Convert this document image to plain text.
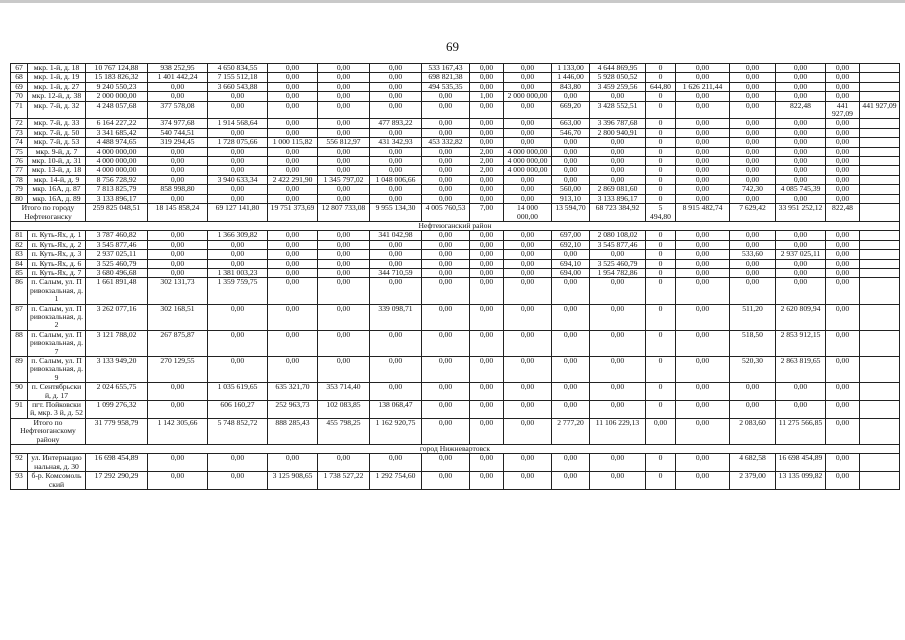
69
67	мкр. 1-й, д. 18	10 767 124,88	938 252,95	4 650 834,55	0,00	0,00	0,00	533 167,43	0,00	0,00	1 133,00	4 644 869,95	0	0,00	0,00	0,00	0,00	
68	мкр. 1-й, д. 19	15 183 826,32	1 401 442,24	7 155 512,18	0,00	0,00	0,00	698 821,38	0,00	0,00	1 446,00	5 928 050,52	0	0,00	0,00	0,00	0,00	
69	мкр. 1-й, д. 27	9 240 550,23	0,00	3 660 543,88	0,00	0,00	0,00	494 535,35	0,00	0,00	843,80	3 459 259,56	644,80	1 626 211,44	0,00	0,00	0,00	
70	мкр. 12-й, д. 38	2 000 000,00	0,00	0,00	0,00	0,00	0,00	0,00	1,00	2 000 000,00	0,00	0,00	0	0,00	0,00	0,00	0,00	
71	мкр. 7-й, д. 32	4 248 057,68	377 578,08	0,00	0,00	0,00	0,00	0,00	0,00	0,00	669,20	3 428 552,51	0	0,00	0,00	822,48	441 927,09	441 927,09
72	мкр. 7-й, д. 33	6 164 227,22	374 977,68	1 914 568,64	0,00	0,00	477 893,22	0,00	0,00	0,00	663,00	3 396 787,68	0	0,00	0,00	0,00	0,00	
73	мкр. 7-й, д. 50	3 341 685,42	540 744,51	0,00	0,00	0,00	0,00	0,00	0,00	0,00	546,70	2 800 940,91	0	0,00	0,00	0,00	0,00	
74	мкр. 7-й, д. 53	4 488 974,65	319 294,45	1 728 075,66	1 000 115,82	556 812,97	431 342,93	453 332,82	0,00	0,00	0,00	0,00	0	0,00	0,00	0,00	0,00	
75	мкр. 9-й, д. 7	4 000 000,00	0,00	0,00	0,00	0,00	0,00	0,00	2,00	4 000 000,00	0,00	0,00	0	0,00	0,00	0,00	0,00	
76	мкр. 10-й, д. 31	4 000 000,00	0,00	0,00	0,00	0,00	0,00	0,00	2,00	4 000 000,00	0,00	0,00	0	0,00	0,00	0,00	0,00	
77	мкр. 13-й, д. 18	4 000 000,00	0,00	0,00	0,00	0,00	0,00	0,00	2,00	4 000 000,00	0,00	0,00	0	0,00	0,00	0,00	0,00	
78	мкр. 14-й, д. 9	8 756 728,92	0,00	3 940 633,34	2 422 291,90	1 345 797,02	1 048 006,66	0,00	0,00	0,00	0,00	0,00	0	0,00	0,00	0,00	0,00	
79	мкр. 16А, д. 87	7 813 825,79	858 998,80	0,00	0,00	0,00	0,00	0,00	0,00	0,00	560,00	2 869 081,60	0	0,00	742,30	4 085 745,39	0,00	
80	мкр. 16А, д. 89	3 133 896,17	0,00	0,00	0,00	0,00	0,00	0,00	0,00	0,00	913,10	3 133 896,17	0	0,00	0,00	0,00	0,00	
Итого по городу Нефтеюганску		259 825 048,51	18 145 858,24	69 127 141,80	19 751 373,69	12 807 733,08	9 955 134,30	4 005 760,53	7,00	14 000 000,00	13 594,70	68 723 384,92	5 494,80	8 915 482,74	7 629,42	33 951 252,12	822,48	
Нефтеюганский район																		
81	п. Куть-Ях, д. 1	3 787 460,82	0,00	1 366 309,82	0,00	0,00	341 042,98	0,00	0,00	0,00	697,00	2 080 108,02	0	0,00	0,00	0,00	0,00	
82	п. Куть-Ях, д. 2	3 545 877,46	0,00	0,00	0,00	0,00	0,00	0,00	0,00	0,00	692,10	3 545 877,46	0	0,00	0,00	0,00	0,00	
83	п. Куть-Ях, д. 3	2 937 025,11	0,00	0,00	0,00	0,00	0,00	0,00	0,00	0,00	0,00	0,00	0	0,00	533,60	2 937 025,11	0,00	
84	п. Куть-Ях, д. 6	3 525 460,79	0,00	0,00	0,00	0,00	0,00	0,00	0,00	0,00	694,10	3 525 460,79	0	0,00	0,00	0,00	0,00	
85	п. Куть-Ях, д. 7	3 680 496,68	0,00	1 381 003,23	0,00	0,00	344 710,59	0,00	0,00	0,00	694,00	1 954 782,86	0	0,00	0,00	0,00	0,00	
86	п. Салым, ул. Привокзальная, д. 1	1 661 891,48	302 131,73	1 359 759,75	0,00	0,00	0,00	0,00	0,00	0,00	0,00	0,00	0	0,00	0,00	0,00	0,00	
87	п. Салым, ул. Привокзальная, д. 2	3 262 077,16	302 168,51	0,00	0,00	0,00	339 098,71	0,00	0,00	0,00	0,00	0,00	0	0,00	511,20	2 620 809,94	0,00	
88	п. Салым, ул. Привокзальная, д. 7	3 121 788,02	267 875,87	0,00	0,00	0,00	0,00	0,00	0,00	0,00	0,00	0,00	0	0,00	518,50	2 853 912,15	0,00	
89	п. Салым, ул. Привокзальная, д. 9	3 133 949,20	270 129,55	0,00	0,00	0,00	0,00	0,00	0,00	0,00	0,00	0,00	0	0,00	520,30	2 863 819,65	0,00	
90	п. Сентябрьский, д. 17	2 024 655,75	0,00	1 035 619,65	635 321,70	353 714,40	0,00	0,00	0,00	0,00	0,00	0,00	0	0,00	0,00	0,00	0,00	
91	пгт. Пойковский, мкр. 3 й, д. 52	1 099 276,32	0,00	606 160,27	252 963,73	102 083,85	138 068,47	0,00	0,00	0,00	0,00	0,00	0	0,00	0,00	0,00	0,00	
Итого по Нефтеюганскому району		31 779 958,79	1 142 305,66	5 748 852,72	888 285,43	455 798,25	1 162 920,75	0,00	0,00	0,00	2 777,20	11 106 229,13	0,00	0,00	2 083,60	11 275 566,85	0,00	
город Нижневартовск																		
92	ул. Интернациональная, д. 30	16 698 454,89	0,00	0,00	0,00	0,00	0,00	0,00	0,00	0,00	0,00	0,00	0	0,00	4 682,58	16 698 454,89	0,00	
93	б-р. Комсомольский	17 292 290,29	0,00	0,00	3 125 908,65	1 738 527,22	1 292 754,60	0,00	0,00	0,00	0,00	0,00	0	0,00	2 379,00	13 135 099,82	0,00	
